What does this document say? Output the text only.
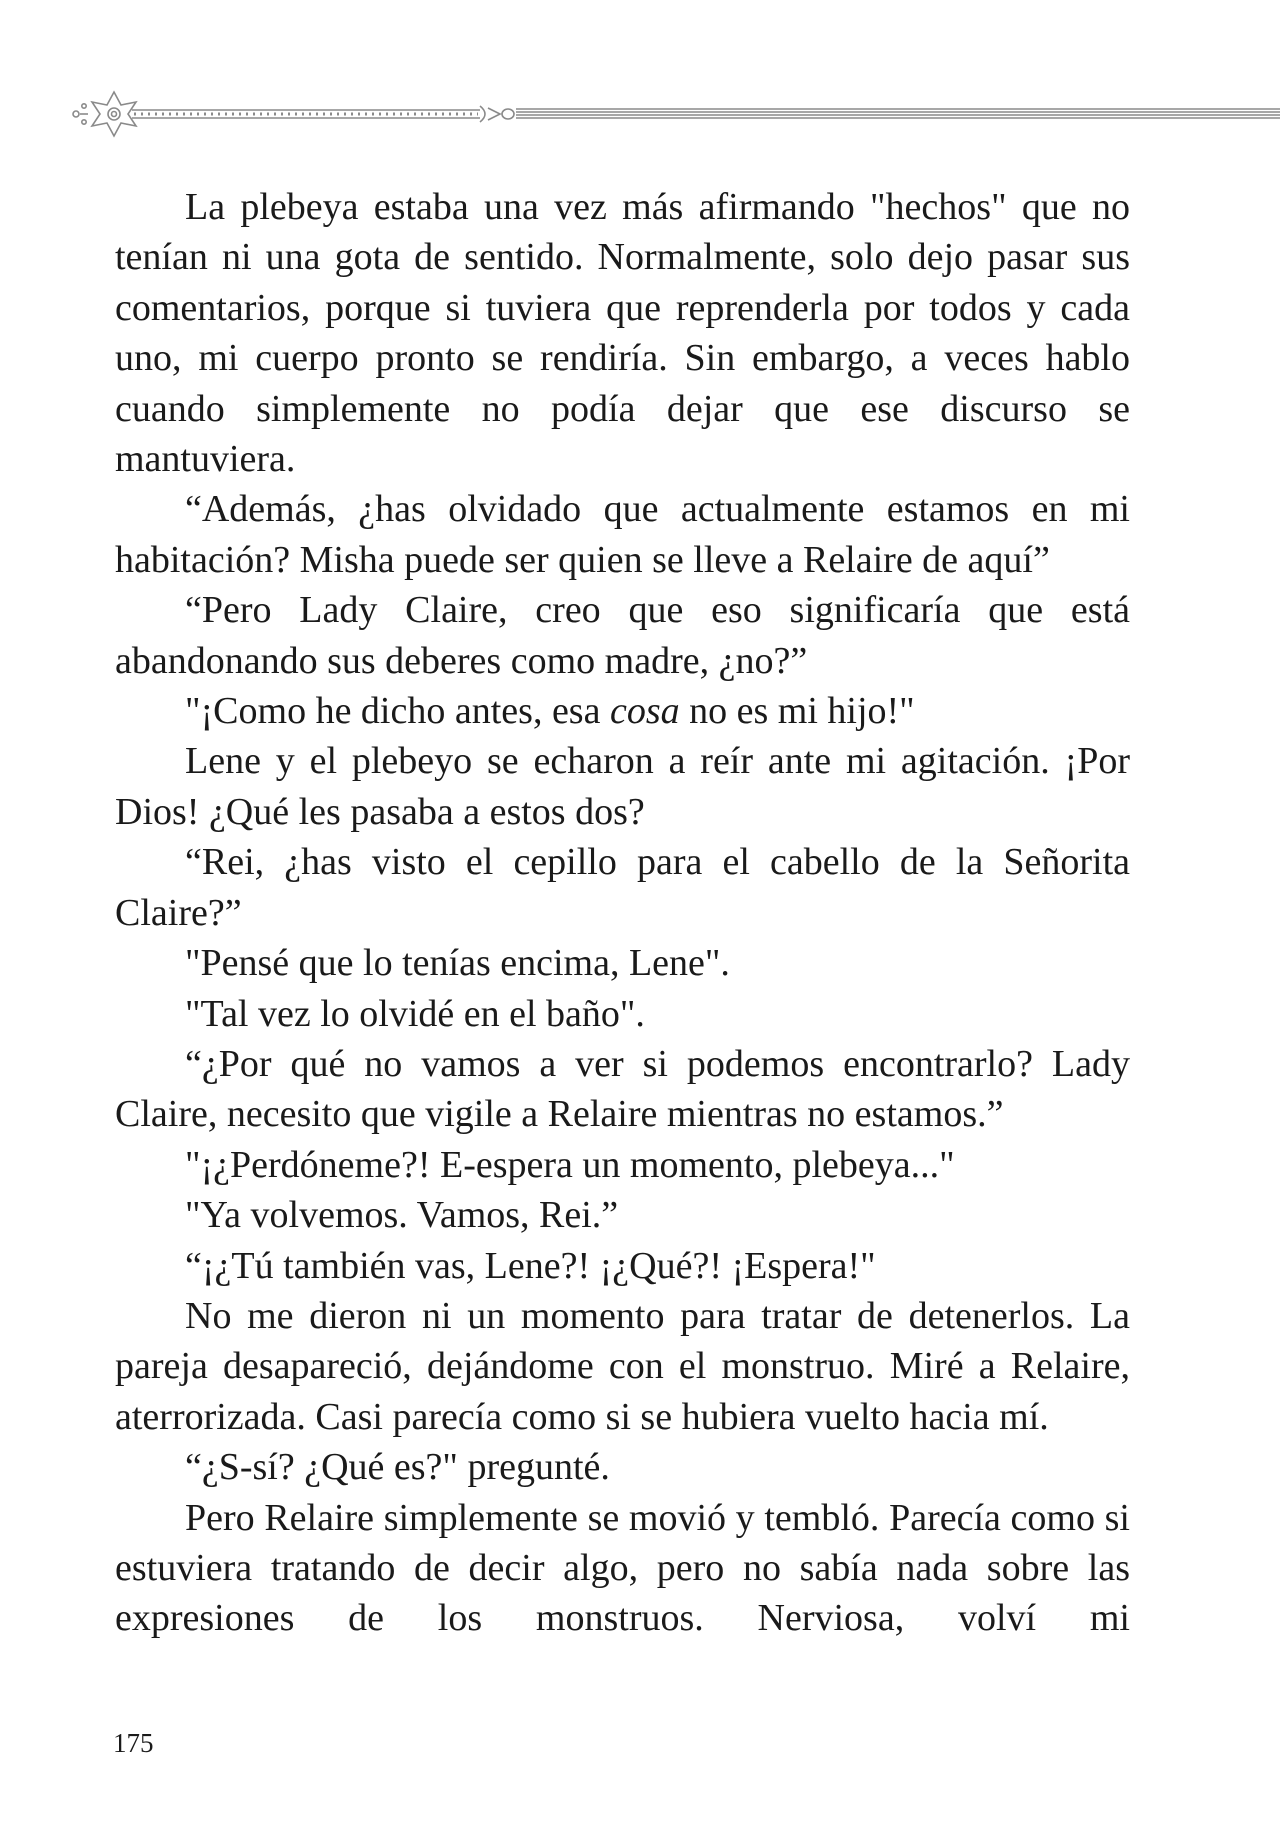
La plebeya estaba una vez más afirmando "hechos" que no tenían ni una gota de sentido. Normalmente, solo dejo pasar sus comentarios, porque si tuviera que reprenderla por todos y cada uno, mi cuerpo pronto se rendiría. Sin embargo, a veces hablo cuando simplemente no podía dejar que ese discurso se mantuviera.

“Además, ¿has olvidado que actualmente estamos en mi habitación? Misha puede ser quien se lleve a Relaire de aquí”

“Pero Lady Claire, creo que eso significaría que está abandonando sus deberes como madre, ¿no?”

"¡Como he dicho antes, esa cosa no es mi hijo!"

Lene y el plebeyo se echaron a reír ante mi agitación. ¡Por Dios! ¿Qué les pasaba a estos dos?

“Rei, ¿has visto el cepillo para el cabello de la Señorita Claire?”

"Pensé que lo tenías encima, Lene".

"Tal vez lo olvidé en el baño".

“¿Por qué no vamos a ver si podemos encontrarlo? Lady Claire, necesito que vigile a Relaire mientras no estamos.”

"¡¿Perdóneme?! E-espera un momento, plebeya..."

"Ya volvemos. Vamos, Rei.”

“¡¿Tú también vas, Lene?! ¡¿Qué?! ¡Espera!"

No me dieron ni un momento para tratar de detenerlos. La pareja desapareció, dejándome con el monstruo. Miré a Relaire, aterrorizada. Casi parecía como si se hubiera vuelto hacia mí.

“¿S-sí? ¿Qué es?" pregunté.

Pero Relaire simplemente se movió y tembló. Parecía como si estuviera tratando de decir algo, pero no sabía nada sobre las expresiones de los monstruos. Nerviosa, volví mi

175
